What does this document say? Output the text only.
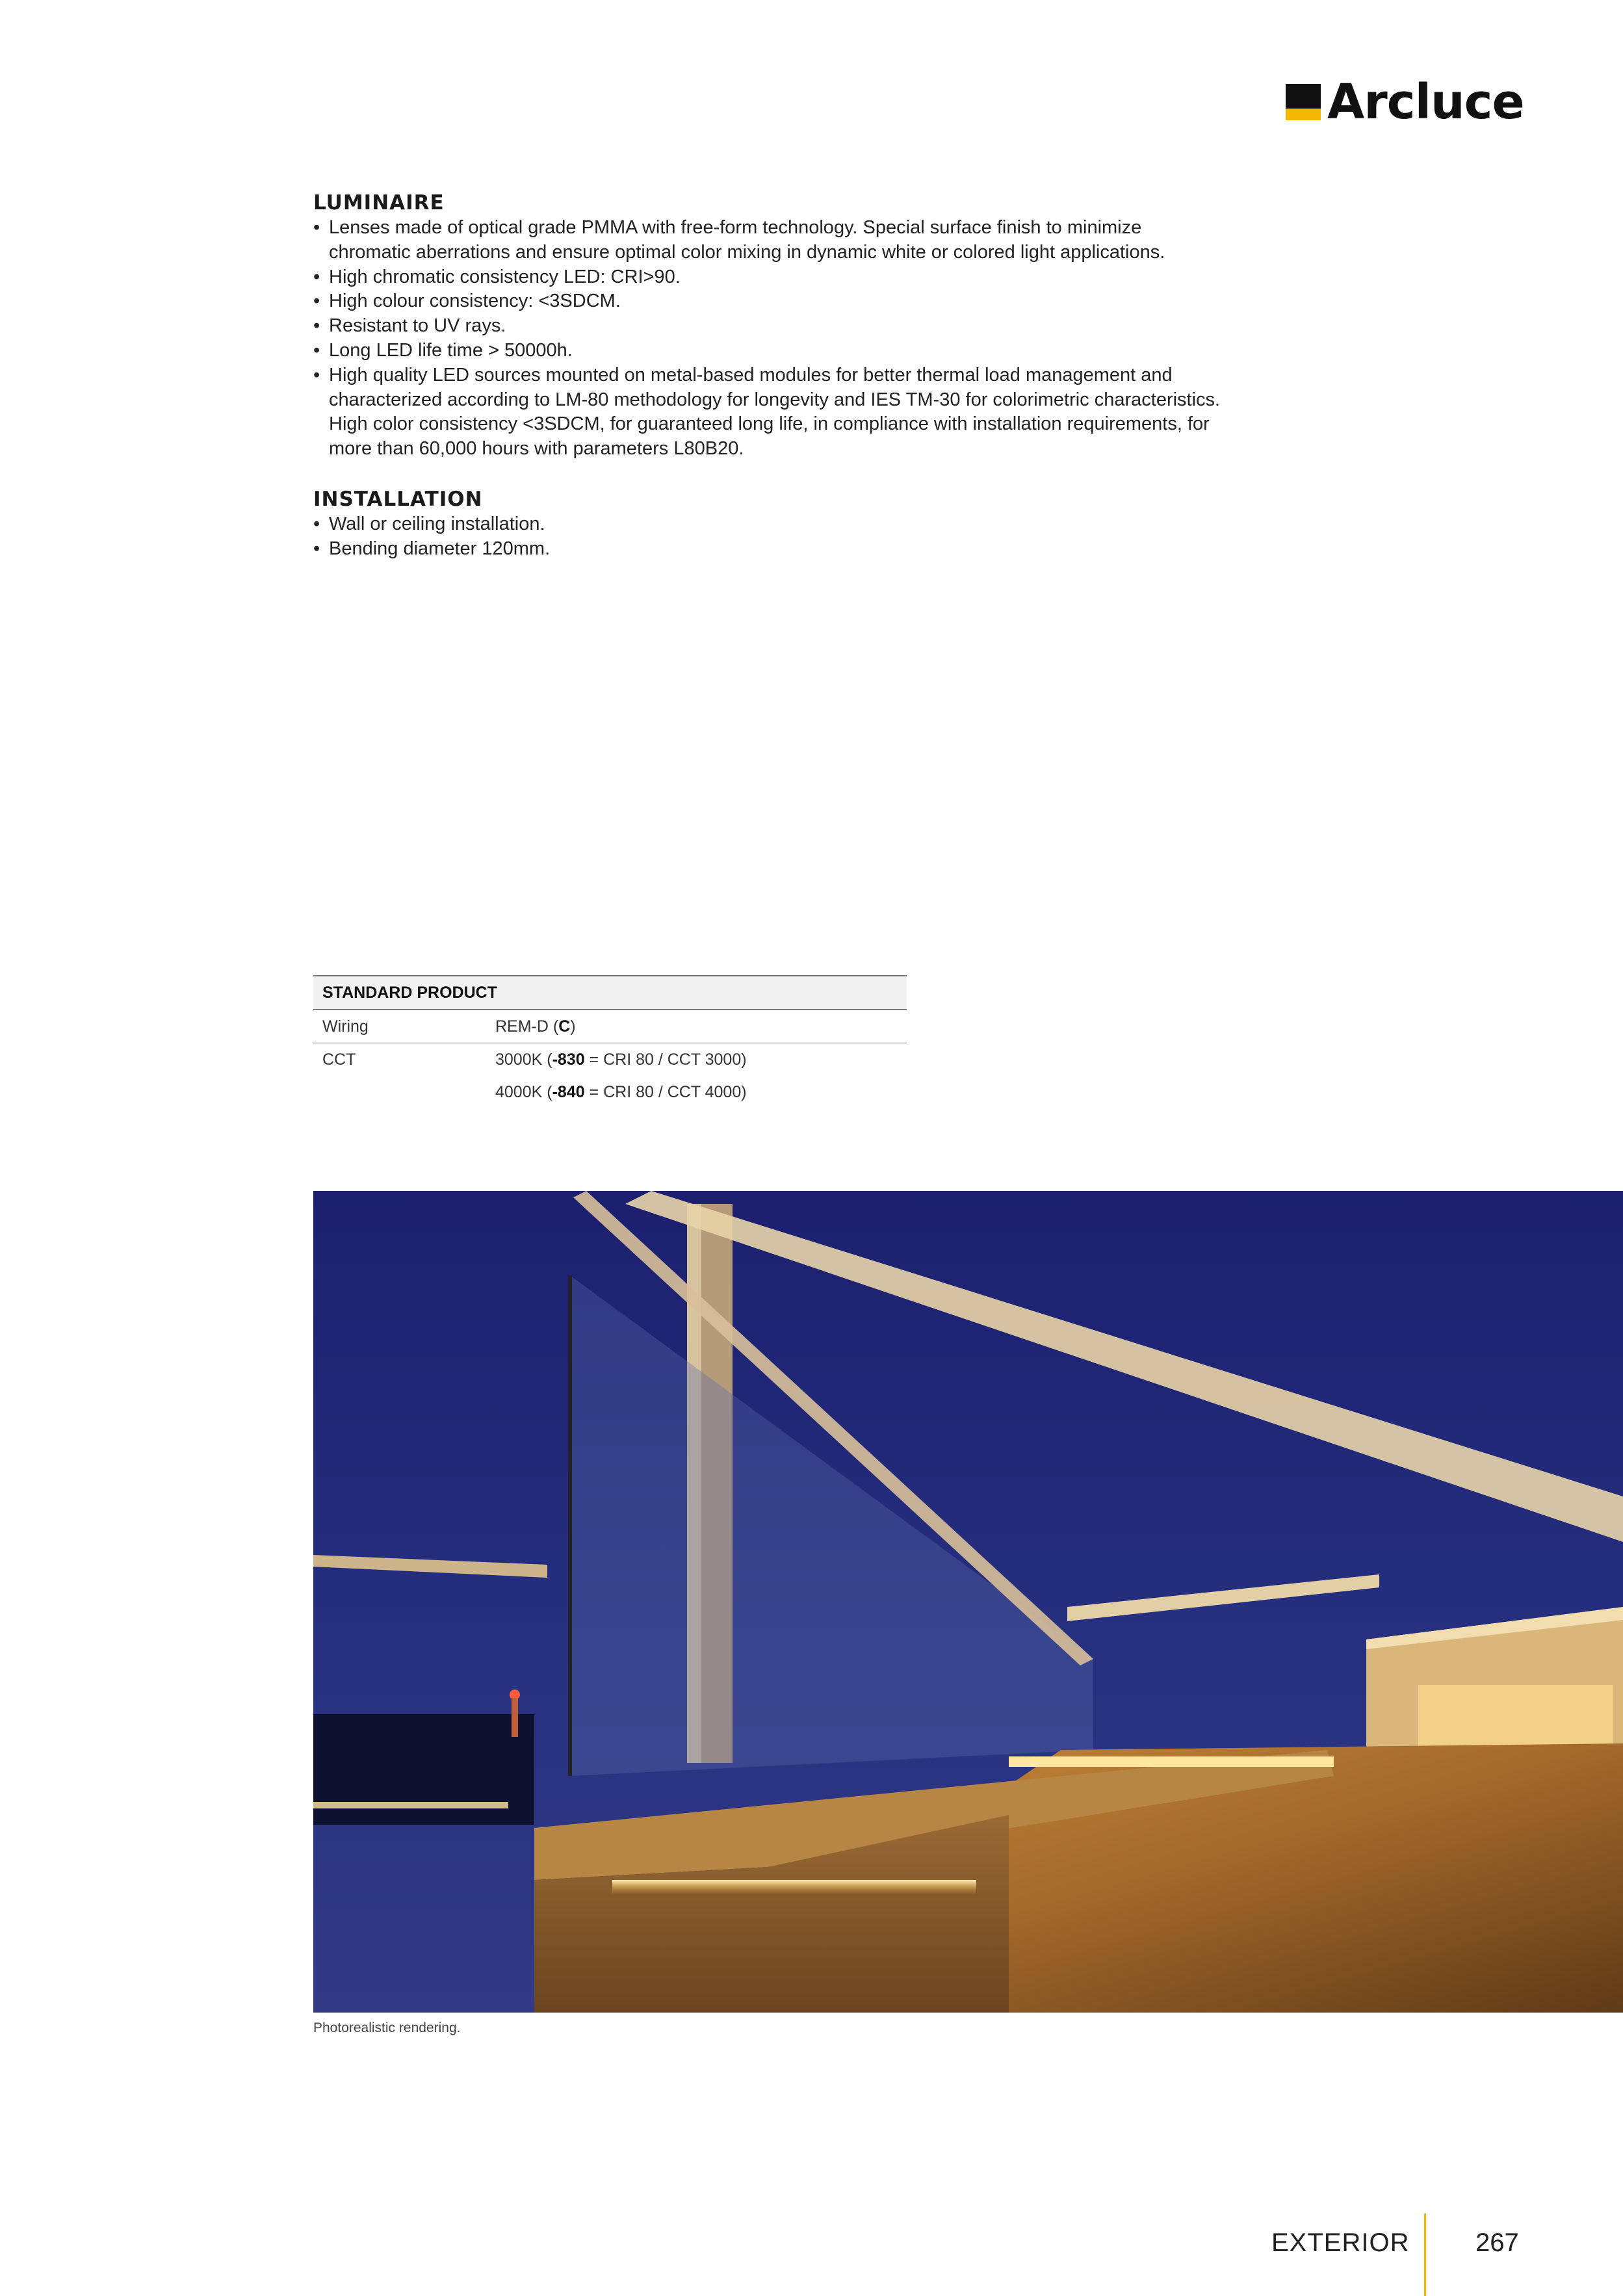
Arcluce
LUMINAIRE
• Lenses made of optical grade PMMA with free-form technology. Special surface finish to minimize
chromatic aberrations and ensure optimal color mixing in dynamic white or colored light applications.
• High chromatic consistency LED: CRI>90.
• High colour consistency: <3SDCM.
• Resistant to UV rays.
• Long LED life time > 50000h.
• High quality LED sources mounted on metal-based modules for better thermal load management and
characterized according to LM-80 methodology for longevity and IES TM-30 for colorimetric characteristics.
High color consistency <3SDCM, for guaranteed long life, in compliance with installation requirements, for
more than 60,000 hours with parameters L80B20.
INSTALLATION
• Wall or ceiling installation.
• Bending diameter 120mm.
STANDARD PRODUCT
Wiring	REM-D (C)
CCT	3000K (-830 = CRI 80 / CCT 3000)
4000K (-840 = CRI 80 / CCT 4000)
Photorealistic rendering.
EXTERIOR	267
